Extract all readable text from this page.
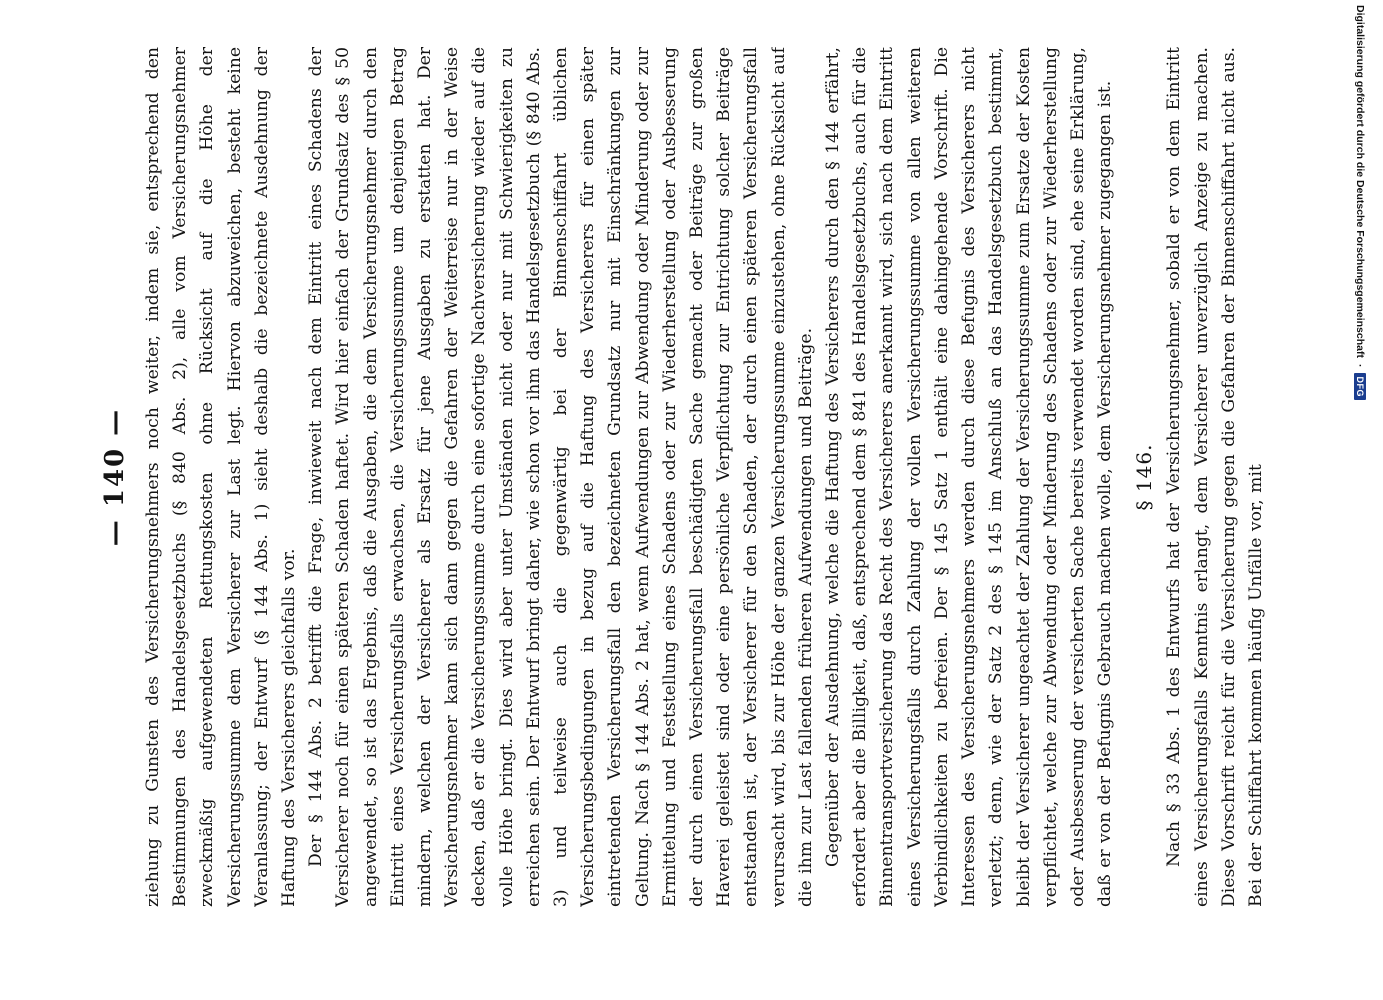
— 140 — ziehung zu Gunsten des Versicherungsnehmers noch weiter, indem sie, entsprechend den Bestimmungen des Handelsgesetzbuchs (§ 840 Abs. 2), alle vom Versicherungsnehmer zweckmäßig aufgewendeten Rettungskosten ohne Rücksicht auf die Höhe der Versicherungssumme dem Versicherer zur Last legt. Hiervon abzuweichen, besteht keine Veranlassung; der Entwurf (§ 144 Abs. 1) sieht deshalb die bezeichnete Ausdehnung der Haftung des Versicherers gleichfalls vor. Der § 144 Abs. 2 betrifft die Frage, inwieweit nach dem Eintritt eines Schadens der Versicherer noch für einen späteren Schaden haftet. Wird hier einfach der Grundsatz des § 50 angewendet, so ist das Ergebnis, daß die Ausgaben, die dem Versicherungsnehmer durch den Eintritt eines Versicherungsfalls erwachsen, die Versicherungssumme um denjenigen Betrag mindern, welchen der Versicherer als Ersatz für jene Ausgaben zu erstatten hat. Der Versicherungsnehmer kann sich dann gegen die Gefahren der Weiterreise nur in der Weise decken, daß er die Versicherungssumme durch eine sofortige Nachversicherung wieder auf die volle Höhe bringt. Dies wird aber unter Umständen nicht oder nur mit Schwierigkeiten zu erreichen sein. Der Entwurf bringt daher, wie schon vor ihm das Handelsgesetzbuch (§ 840 Abs. 3) und teilweise auch die gegenwärtig bei der Binnenschiffahrt üblichen Versicherungsbedingungen in bezug auf die Haftung des Versicherers für einen später eintretenden Versicherungsfall den bezeichneten Grundsatz nur mit Einschränkungen zur Geltung. Nach § 144 Abs. 2 hat, wenn Aufwendungen zur Abwendung oder Minderung oder zur Ermittelung und Feststellung eines Schadens oder zur Wiederherstellung oder Ausbesserung der durch einen Versicherungsfall beschädigten Sache gemacht oder Beiträge zur großen Haverei geleistet sind oder eine persönliche Verpflichtung zur Entrichtung solcher Beiträge entstanden ist, der Versicherer für den Schaden, der durch einen späteren Versicherungsfall verursacht wird, bis zur Höhe der ganzen Versicherungssumme einzustehen, ohne Rücksicht auf die ihm zur Last fallenden früheren Aufwendungen und Beiträge. Gegenüber der Ausdehnung, welche die Haftung des Versicherers durch den § 144 erfährt, erfordert aber die Billigkeit, daß, entsprechend dem § 841 des Handelsgesetzbuchs, auch für die Binnentransportversicherung das Recht des Versicherers anerkannt wird, sich nach dem Eintritt eines Versicherungsfalls durch Zahlung der vollen Versicherungssumme von allen weiteren Verbindlichkeiten zu befreien. Der § 145 Satz 1 enthält eine dahingehende Vorschrift. Die Interessen des Versicherungsnehmers werden durch diese Befugnis des Versicherers nicht verletzt; denn, wie der Satz 2 des § 145 im Anschluß an das Handelsgesetzbuch bestimmt, bleibt der Versicherer ungeachtet der Zahlung der Versicherungssumme zum Ersatze der Kosten verpflichtet, welche zur Abwendung oder Minderung des Schadens oder zur Wiederherstellung oder Ausbesserung der versicherten Sache bereits verwendet worden sind, ehe seine Erklärung, daß er von der Befugnis Gebrauch machen wolle, dem Versicherungsnehmer zugegangen ist. § 146. Nach § 33 Abs. 1 des Entwurfs hat der Versicherungsnehmer, sobald er von dem Eintritt eines Versicherungsfalls Kenntnis erlangt, dem Versicherer unverzüglich Anzeige zu machen. Diese Vorschrift reicht für die Versicherung gegen die Gefahren der Binnenschiffahrt nicht aus. Bei der Schiffahrt kommen häufig Unfälle vor, mit

Digitalisierung gefördert durch die Deutsche Forschungsgemeinschaft
·
DFG
